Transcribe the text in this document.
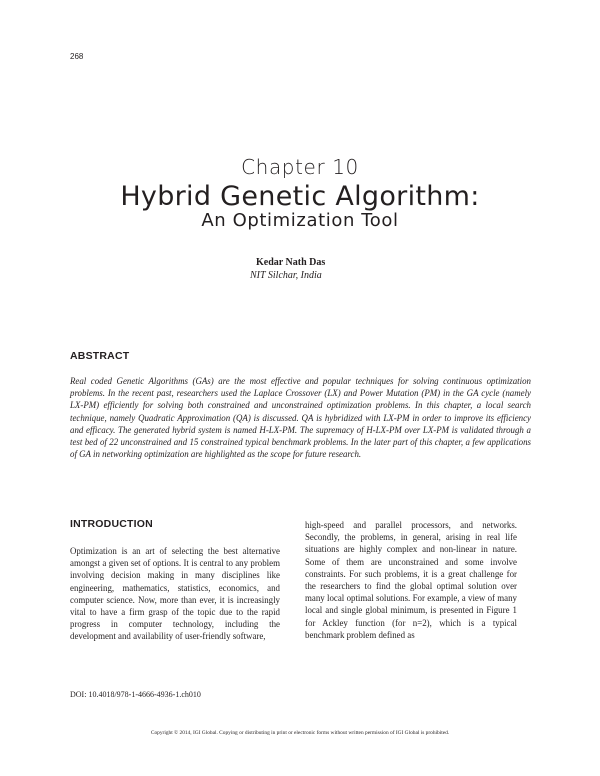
268
Chapter 10
Hybrid Genetic Algorithm:
An Optimization Tool
Kedar Nath Das
NIT Silchar, India
ABSTRACT
Real coded Genetic Algorithms (GAs) are the most effective and popular techniques for solving continuous optimization problems. In the recent past, researchers used the Laplace Crossover (LX) and Power Mutation (PM) in the GA cycle (namely LX-PM) efficiently for solving both constrained and unconstrained optimization problems. In this chapter, a local search technique, namely Quadratic Approximation (QA) is discussed. QA is hybridized with LX-PM in order to improve its efficiency and efficacy. The generated hybrid system is named H-LX-PM. The supremacy of H-LX-PM over LX-PM is validated through a test bed of 22 unconstrained and 15 constrained typical benchmark problems. In the later part of this chapter, a few applications of GA in networking optimization are highlighted as the scope for future research.
INTRODUCTION
Optimization is an art of selecting the best alternative amongst a given set of options. It is central to any problem involving decision making in many disciplines like engineering, mathematics, statistics, economics, and computer science. Now, more than ever, it is increasingly vital to have a firm grasp of the topic due to the rapid progress in computer technology, including the development and availability of user-friendly software,
high-speed and parallel processors, and networks. Secondly, the problems, in general, arising in real life situations are highly complex and non-linear in nature. Some of them are unconstrained and some involve constraints. For such problems, it is a great challenge for the researchers to find the global optimal solution over many local optimal solutions. For example, a view of many local and single global minimum, is presented in Figure 1 for Ackley function (for n=2), which is a typical benchmark problem defined as
DOI: 10.4018/978-1-4666-4936-1.ch010
Copyright © 2014, IGI Global. Copying or distributing in print or electronic forms without written permission of IGI Global is prohibited.
